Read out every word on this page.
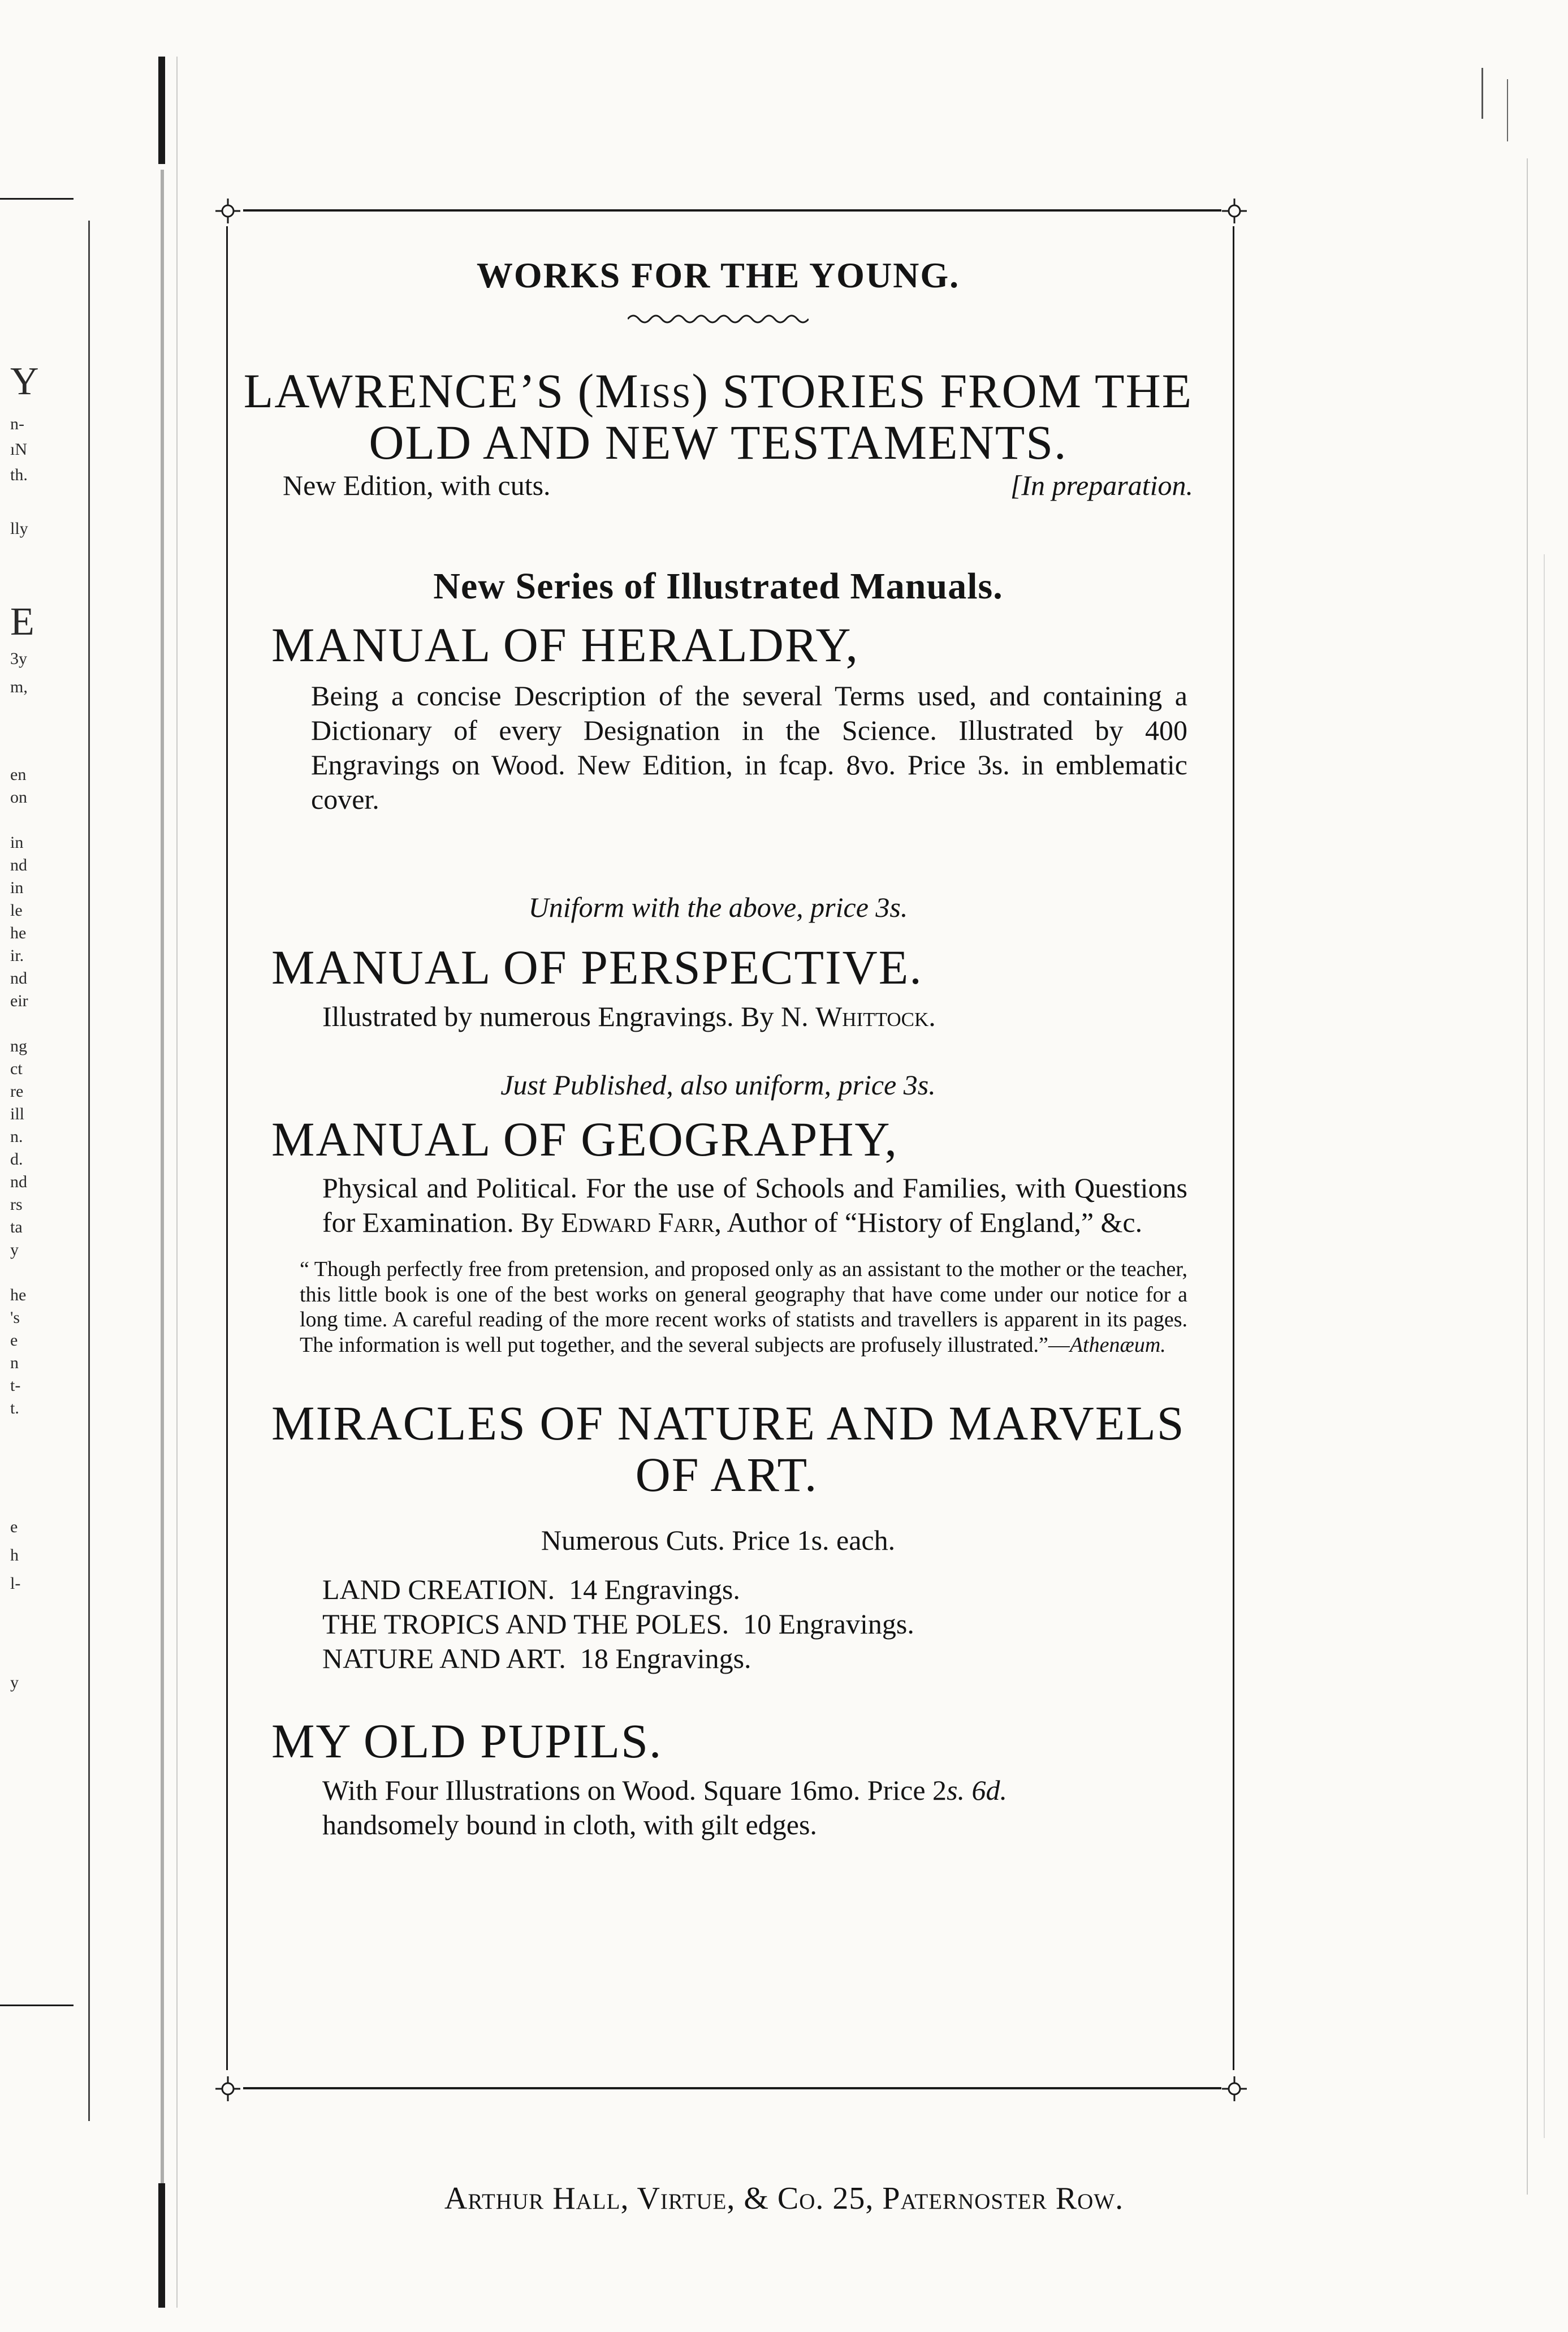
Y
n-
ıN
th.
lly
E
3y
m,
en
on
in
nd
in
le
he
ir.
nd
eir
ng
ct
re
ill
n.
d.
nd
rs
ta
y
he
's
e
n
t-
t.
e
h
l-
y
WORKS FOR THE YOUNG.
LAWRENCE’S (Miss) STORIES FROM THE
OLD AND NEW TESTAMENTS.
New Edition, with cuts.	[In preparation.
New Series of Illustrated Manuals.
MANUAL OF HERALDRY,
Being a concise Description of the several Terms used, and containing a Dictionary of every Designation in the Science. Illustrated by 400 Engravings on Wood. New Edition, in fcap. 8vo. Price 3s. in emblematic cover.
Uniform with the above, price 3s.
MANUAL OF PERSPECTIVE.
Illustrated by numerous Engravings. By N. Whittock.
Just Published, also uniform, price 3s.
MANUAL OF GEOGRAPHY,
Physical and Political. For the use of Schools and Families, with Questions for Examination. By Edward Farr, Author of “History of England,” &c.
“ Though perfectly free from pretension, and proposed only as an assistant to the mother or the teacher, this little book is one of the best works on general geography that have come under our notice for a long time. A careful reading of the more recent works of statists and travellers is apparent in its pages. The information is well put together, and the several subjects are profusely illustrated.”—Athenæum.
MIRACLES OF NATURE AND MARVELS
OF ART.
Numerous Cuts. Price 1s. each.
LAND CREATION. 14 Engravings.
THE TROPICS AND THE POLES. 10 Engravings.
NATURE AND ART. 18 Engravings.
MY OLD PUPILS.
With Four Illustrations on Wood. Square 16mo. Price 2s. 6d.
handsomely bound in cloth, with gilt edges.
Arthur Hall, Virtue, & Co. 25, Paternoster Row.
